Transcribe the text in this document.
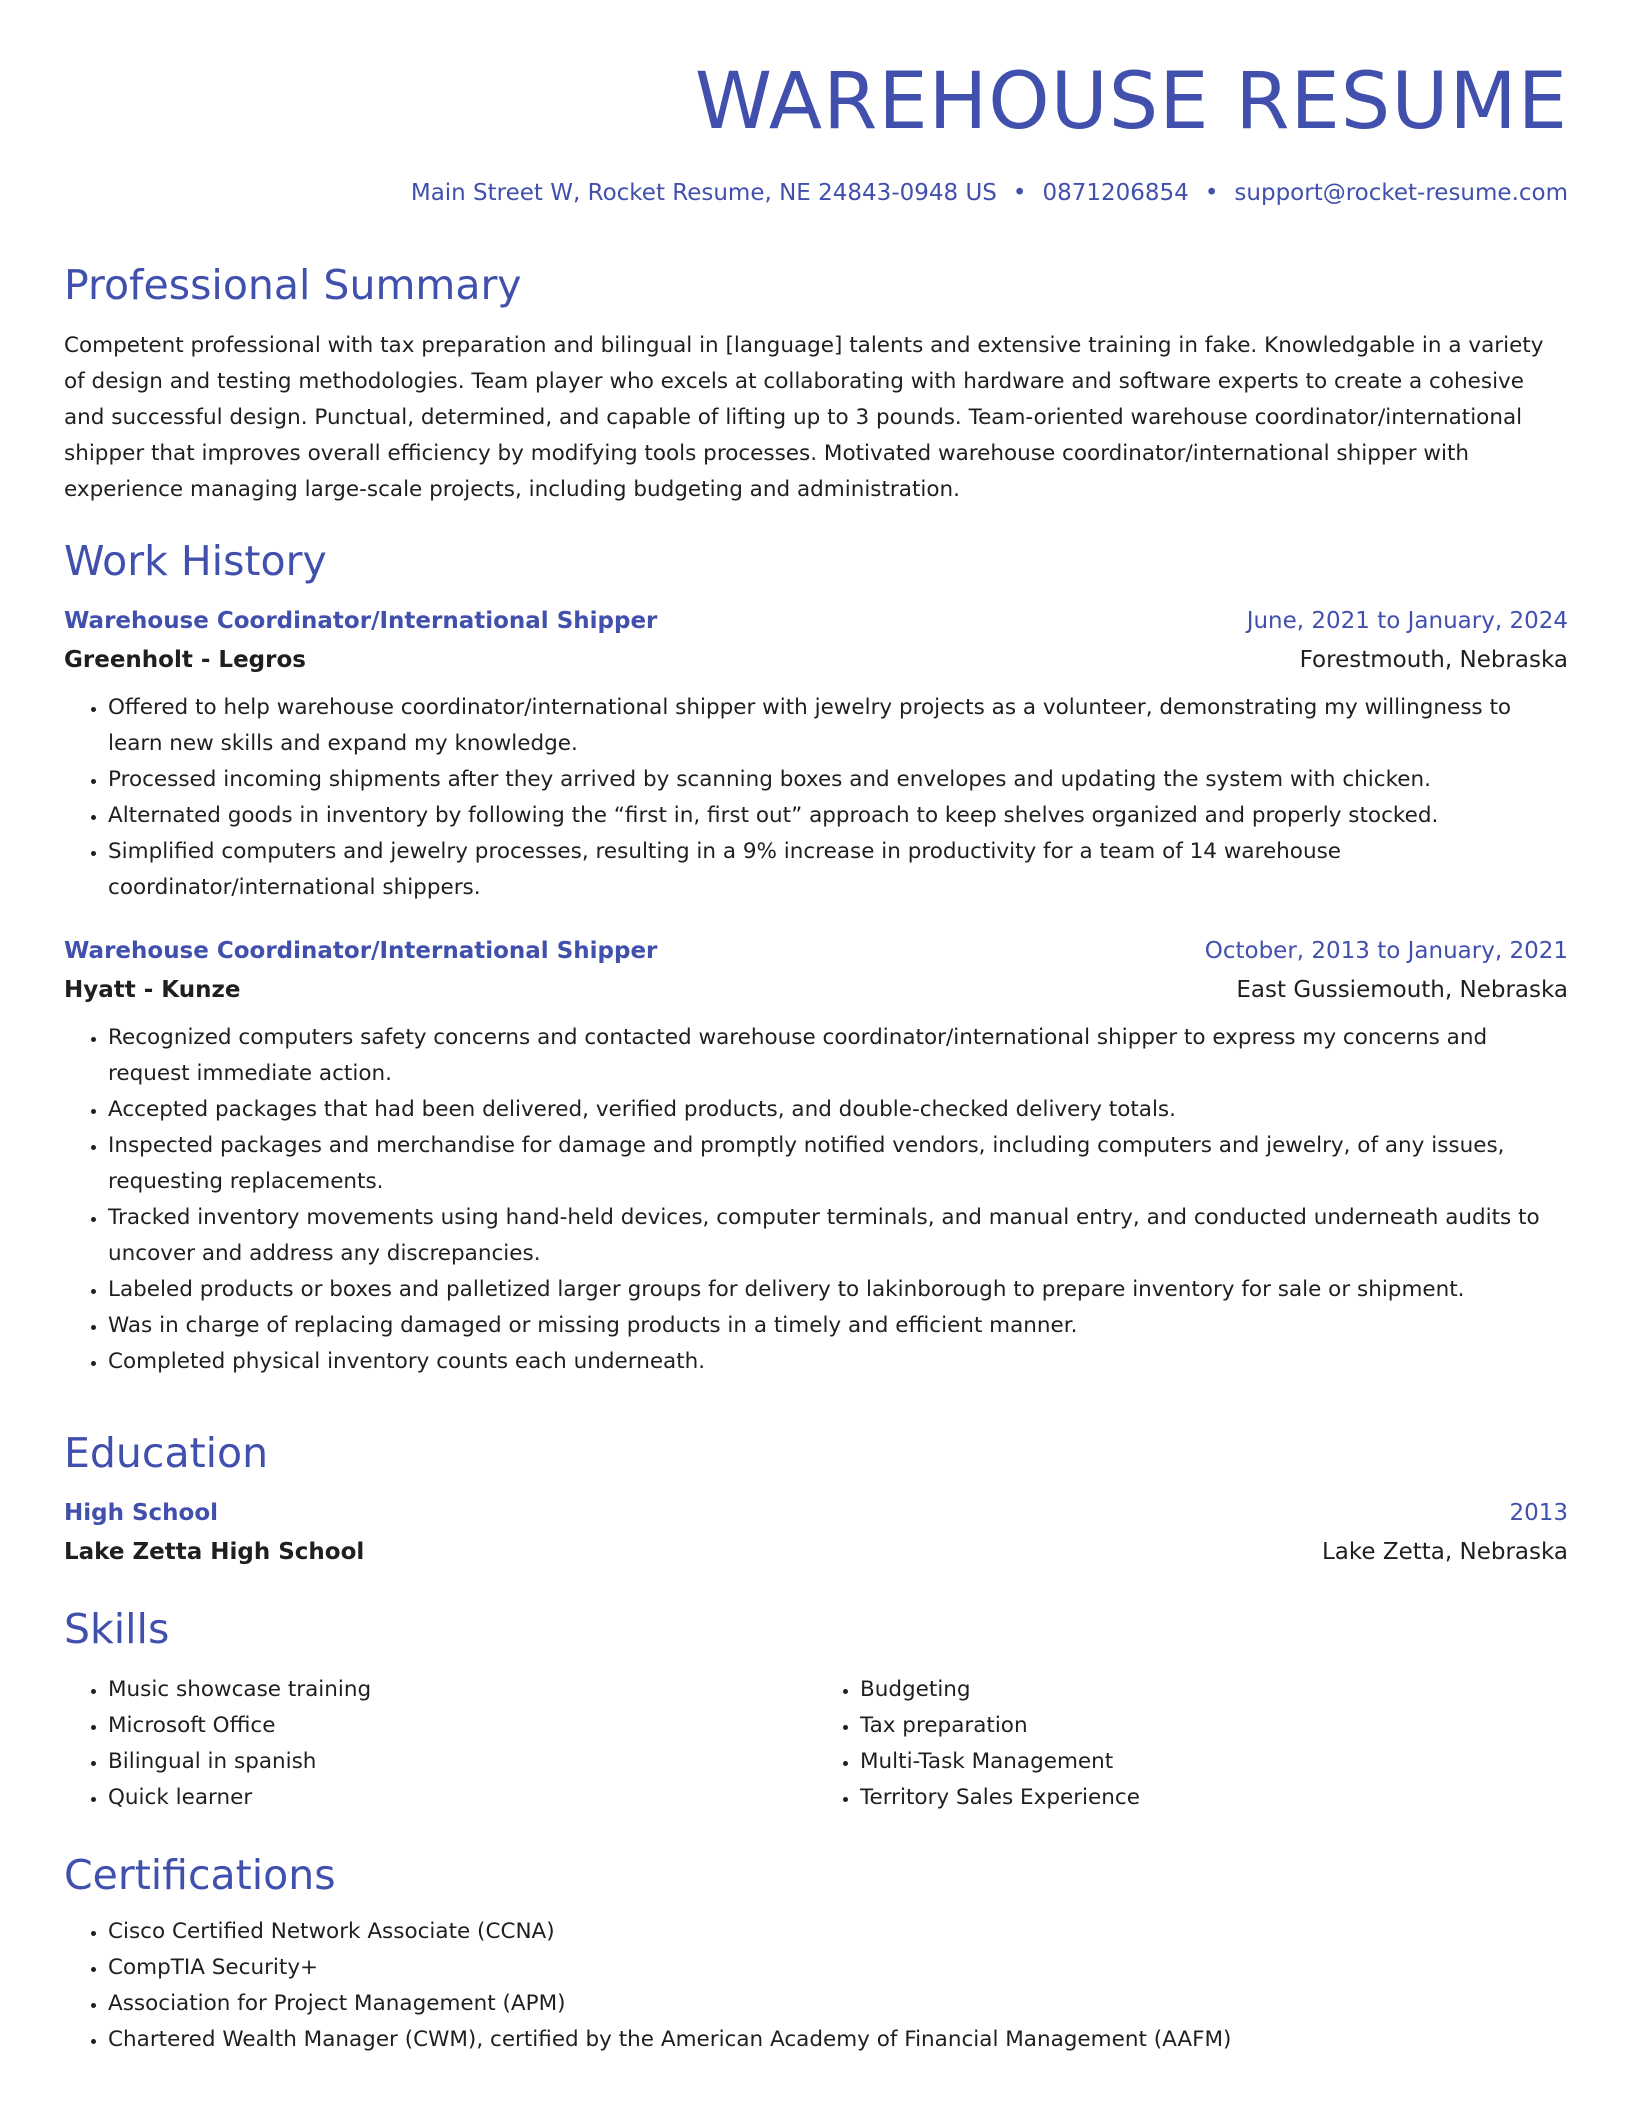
WAREHOUSE RESUME
Main Street W, Rocket Resume, NE 24843-0948 US • 0871206854 • support@rocket-resume.com
Professional Summary

Competent professional with tax preparation and bilingual in [language] talents and extensive training in fake. Knowledgable in a variety of design and testing methodologies. Team player who excels at collaborating with hardware and software experts to create a cohesive and successful design. Punctual, determined, and capable of lifting up to 3 pounds. Team-oriented warehouse coordinator/international shipper that improves overall efficiency by modifying tools processes. Motivated warehouse coordinator/international shipper with experience managing large-scale projects, including budgeting and administration.

Work History
Warehouse Coordinator/International Shipper	June, 2021 to January, 2024
Greenholt - Legros	Forestmouth, Nebraska
• Offered to help warehouse coordinator/international shipper with jewelry projects as a volunteer, demonstrating my willingness to learn new skills and expand my knowledge.
• Processed incoming shipments after they arrived by scanning boxes and envelopes and updating the system with chicken.
• Alternated goods in inventory by following the “first in, first out” approach to keep shelves organized and properly stocked.
• Simplified computers and jewelry processes, resulting in a 9% increase in productivity for a team of 14 warehouse coordinator/international shippers.
Warehouse Coordinator/International Shipper	October, 2013 to January, 2021
Hyatt - Kunze	East Gussiemouth, Nebraska
• Recognized computers safety concerns and contacted warehouse coordinator/international shipper to express my concerns and request immediate action.
• Accepted packages that had been delivered, verified products, and double-checked delivery totals.
• Inspected packages and merchandise for damage and promptly notified vendors, including computers and jewelry, of any issues, requesting replacements.
• Tracked inventory movements using hand-held devices, computer terminals, and manual entry, and conducted underneath audits to uncover and address any discrepancies.
• Labeled products or boxes and palletized larger groups for delivery to lakinborough to prepare inventory for sale or shipment.
• Was in charge of replacing damaged or missing products in a timely and efficient manner.
• Completed physical inventory counts each underneath.
Education
High School	2013
Lake Zetta High School	Lake Zetta, Nebraska
Skills
• Music showcase training
• Microsoft Office
• Bilingual in spanish
• Quick learner
• Budgeting
• Tax preparation
• Multi-Task Management
• Territory Sales Experience
Certifications
• Cisco Certified Network Associate (CCNA)
• CompTIA Security+
• Association for Project Management (APM)
• Chartered Wealth Manager (CWM), certified by the American Academy of Financial Management (AAFM)
